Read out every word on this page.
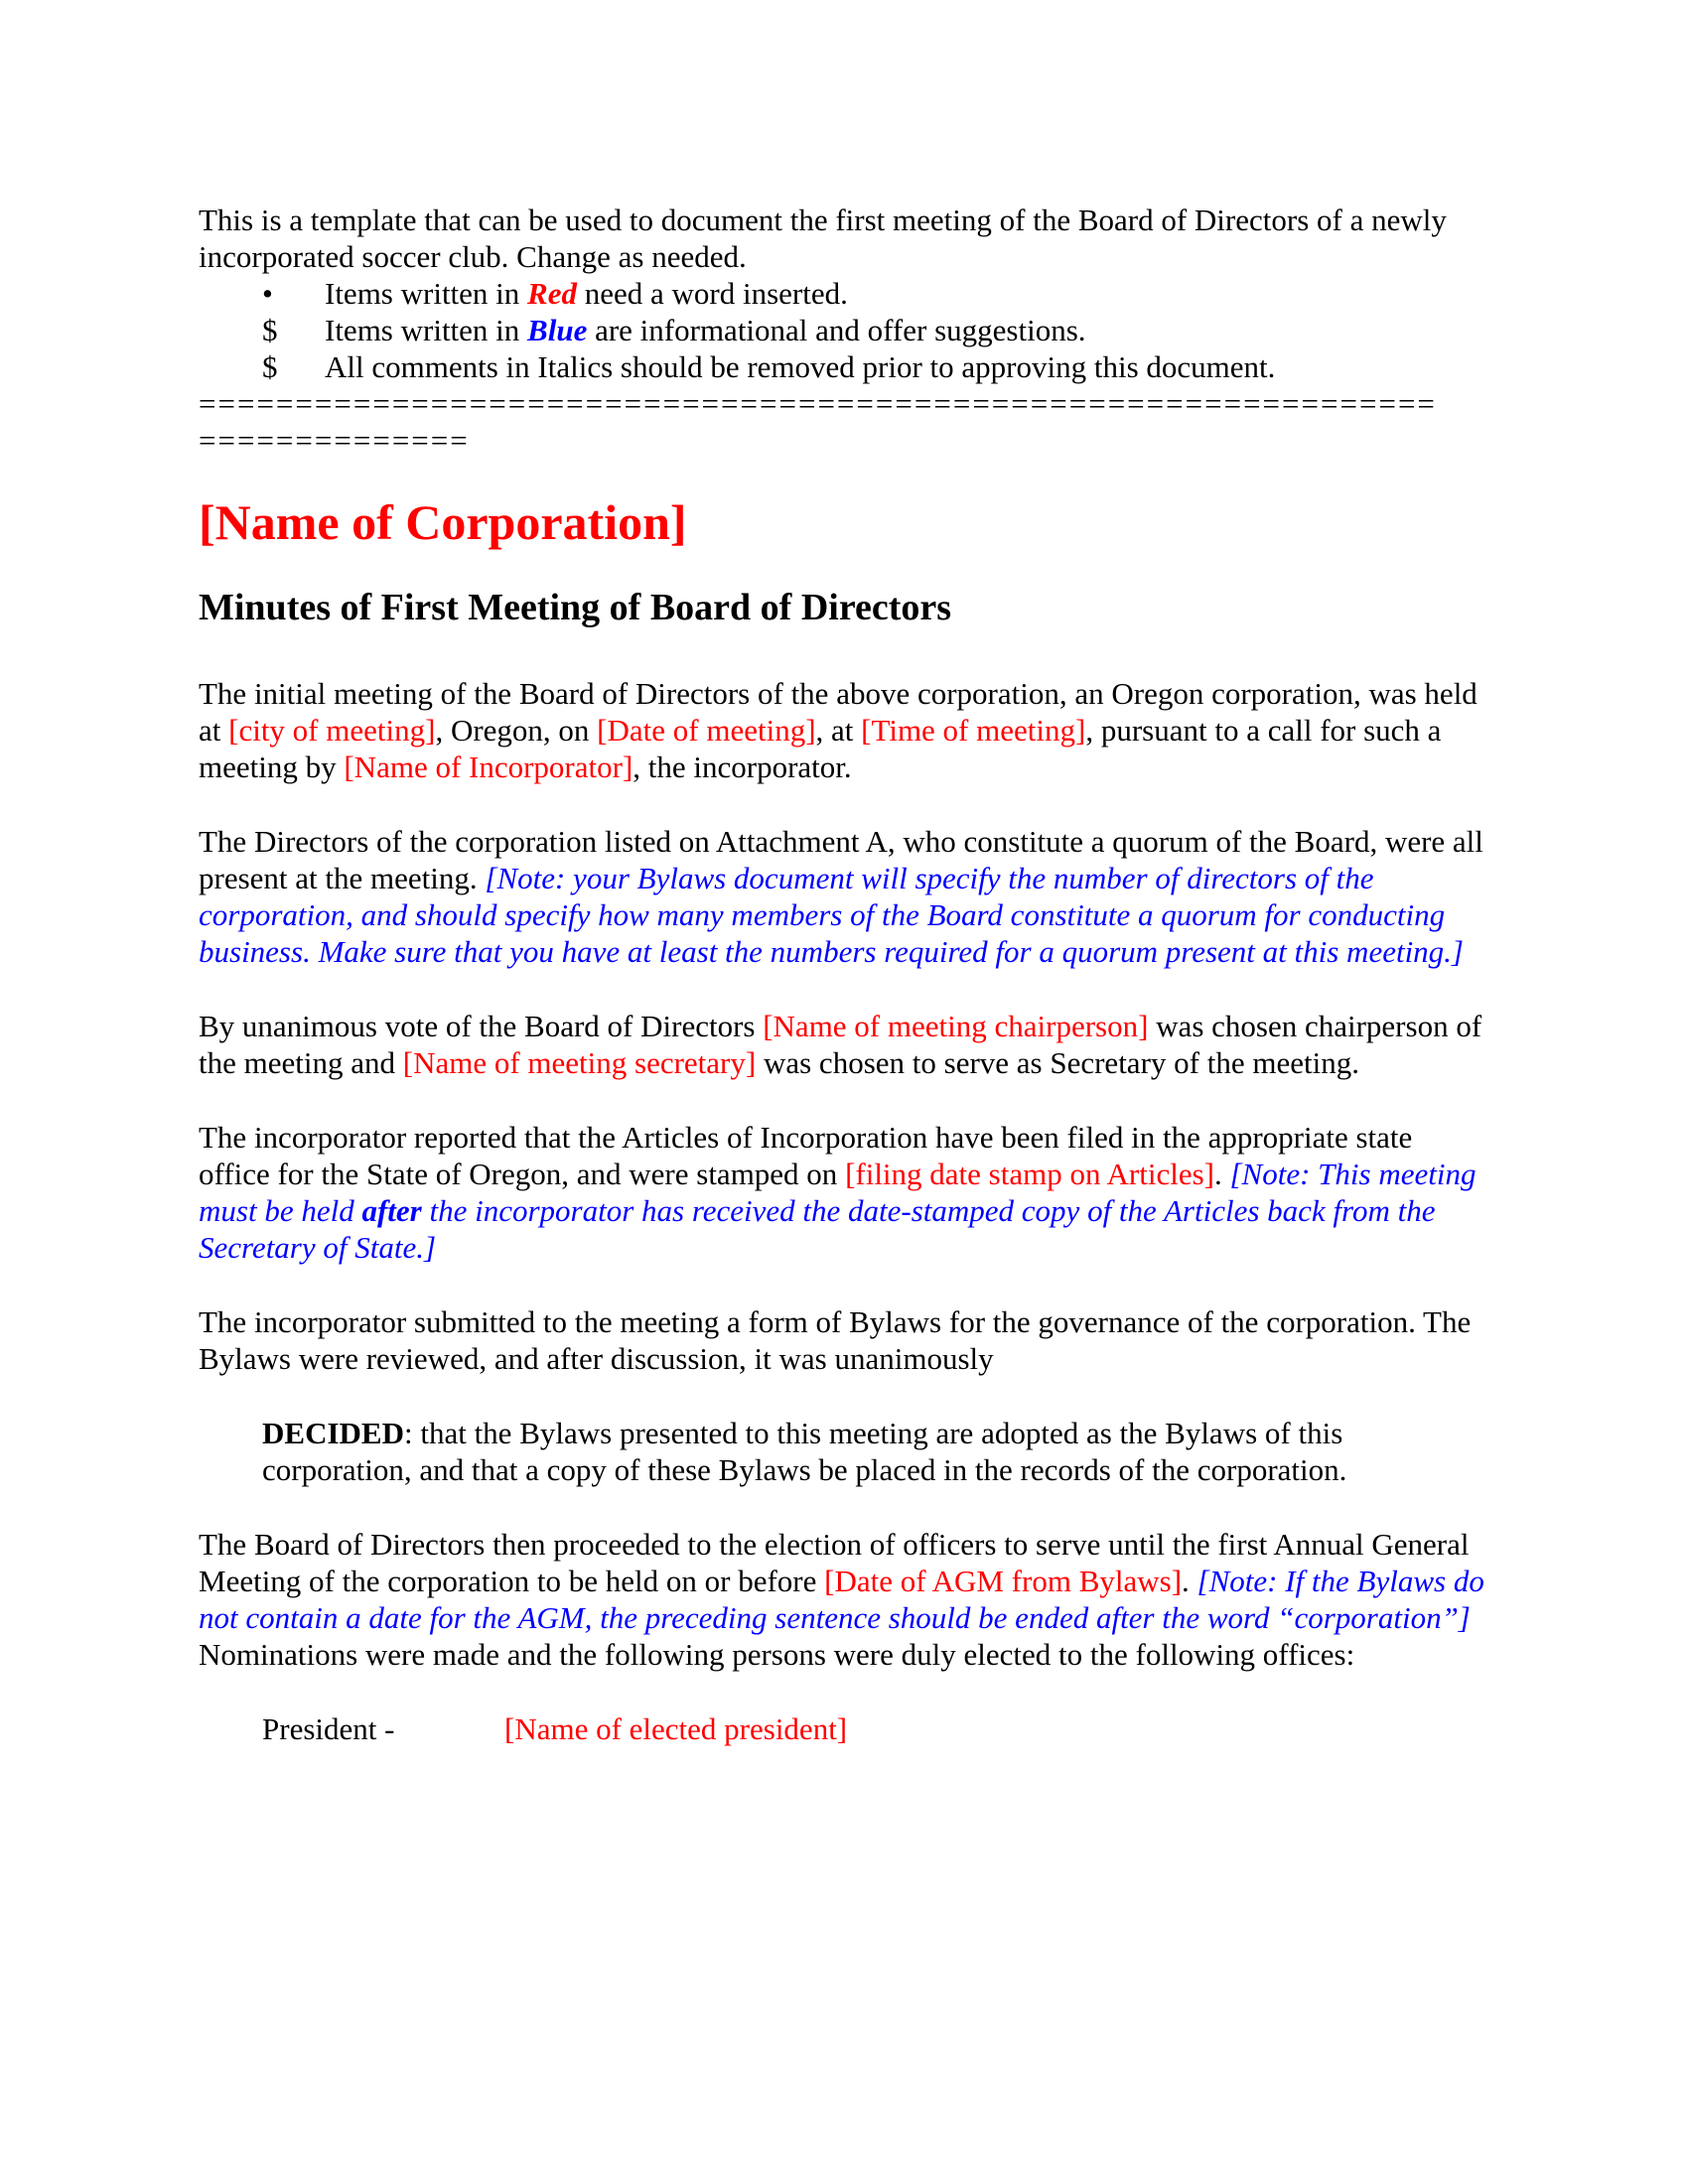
This is a template that can be used to document the first meeting of the Board of Directors of a newly incorporated soccer club. Change as needed.
• Items written in Red need a word inserted.
$ Items written in Blue are informational and offer suggestions.
$ All comments in Italics should be removed prior to approving this document.
================================================================
==============
[Name of Corporation]
Minutes of First Meeting of Board of Directors
The initial meeting of the Board of Directors of the above corporation, an Oregon corporation, was held at [city of meeting], Oregon, on [Date of meeting], at [Time of meeting], pursuant to a call for such a meeting by [Name of Incorporator], the incorporator.
The Directors of the corporation listed on Attachment A, who constitute a quorum of the Board, were all present at the meeting. [Note: your Bylaws document will specify the number of directors of the corporation, and should specify how many members of the Board constitute a quorum for conducting business. Make sure that you have at least the numbers required for a quorum present at this meeting.]
By unanimous vote of the Board of Directors [Name of meeting chairperson] was chosen chairperson of the meeting and [Name of meeting secretary] was chosen to serve as Secretary of the meeting.
The incorporator reported that the Articles of Incorporation have been filed in the appropriate state office for the State of Oregon, and were stamped on [filing date stamp on Articles]. [Note: This meeting must be held after the incorporator has received the date-stamped copy of the Articles back from the Secretary of State.]
The incorporator submitted to the meeting a form of Bylaws for the governance of the corporation. The Bylaws were reviewed, and after discussion, it was unanimously
DECIDED: that the Bylaws presented to this meeting are adopted as the Bylaws of this corporation, and that a copy of these Bylaws be placed in the records of the corporation.
The Board of Directors then proceeded to the election of officers to serve until the first Annual General Meeting of the corporation to be held on or before [Date of AGM from Bylaws]. [Note: If the Bylaws do not contain a date for the AGM, the preceding sentence should be ended after the word “corporation”] Nominations were made and the following persons were duly elected to the following offices:
President -	[Name of elected president]
